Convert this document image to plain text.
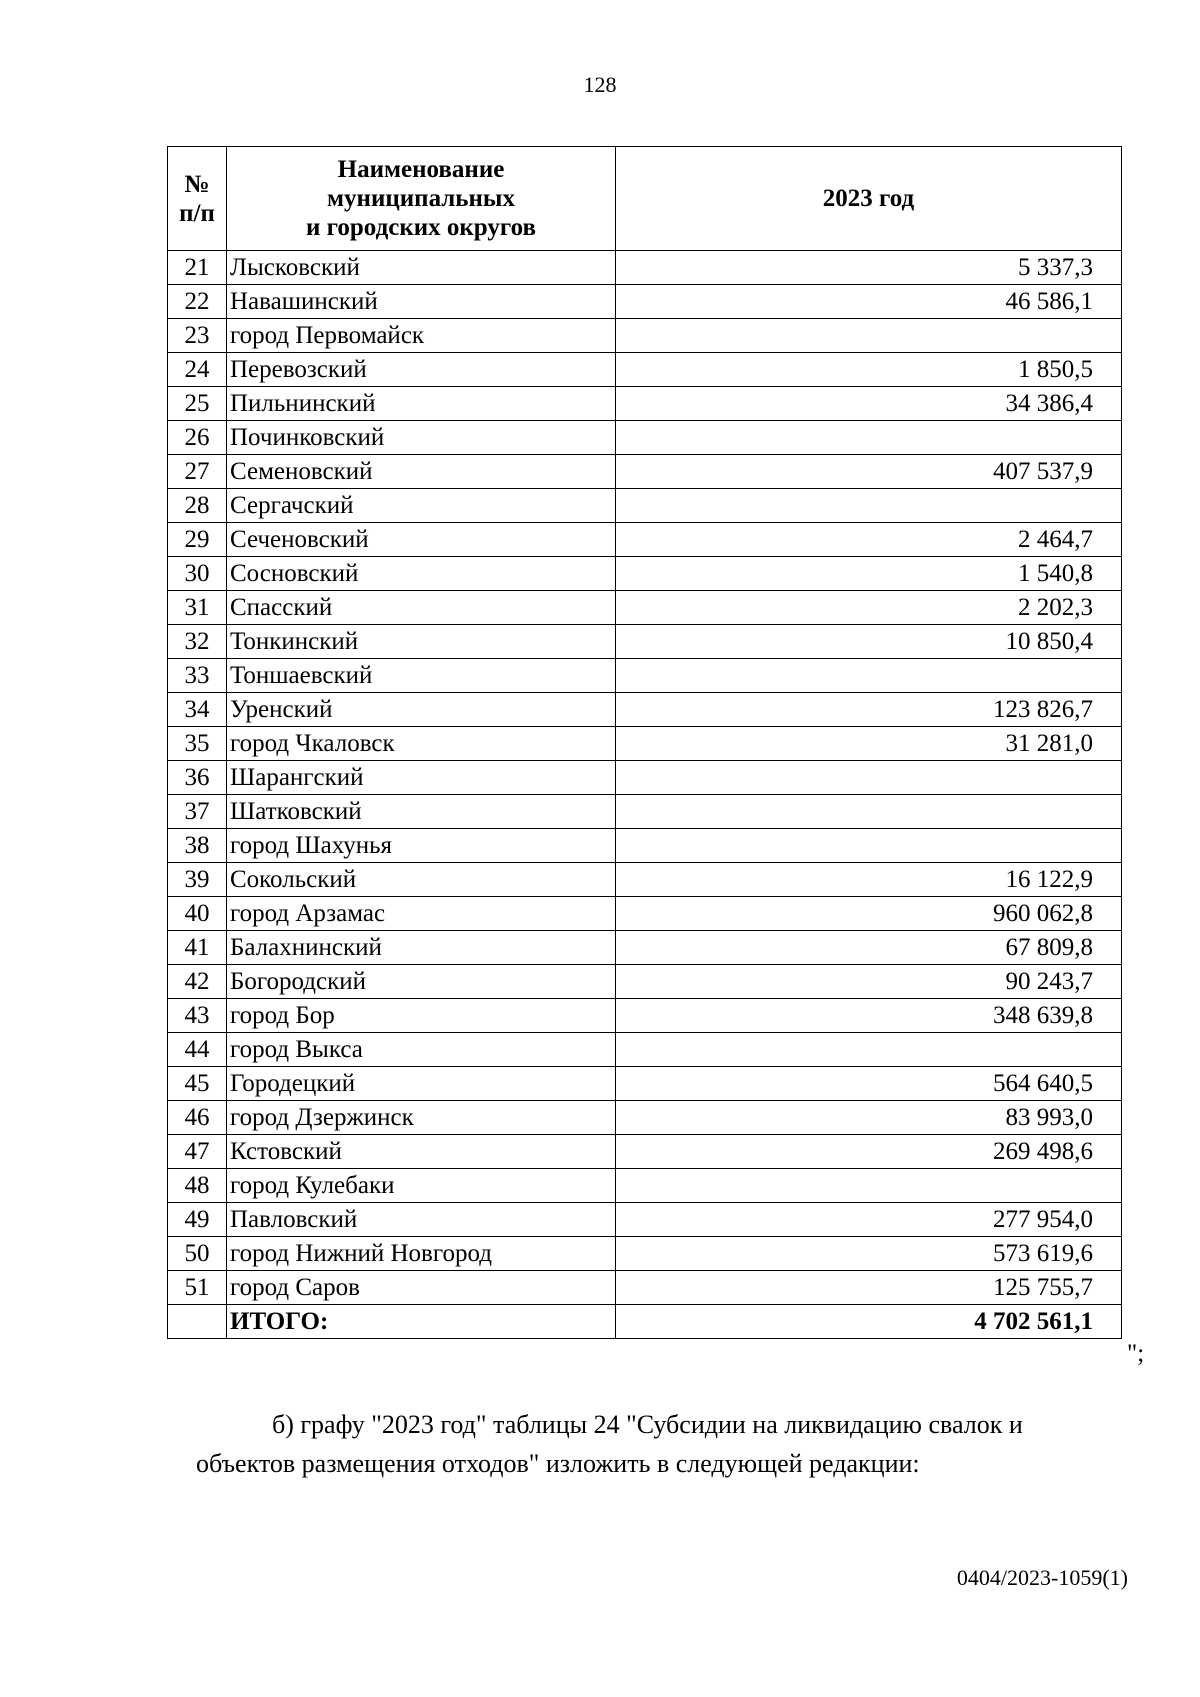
128
№
п/п	Наименование
муниципальных
и городских округов	2023 год
21	Лысковский	5 337,3
22	Навашинский	46 586,1
23	город Первомайск	
24	Перевозский	1 850,5
25	Пильнинский	34 386,4
26	Починковский	
27	Семеновский	407 537,9
28	Сергачский	
29	Сеченовский	2 464,7
30	Сосновский	1 540,8
31	Спасский	2 202,3
32	Тонкинский	10 850,4
33	Тоншаевский	
34	Уренский	123 826,7
35	город Чкаловск	31 281,0
36	Шарангский	
37	Шатковский	
38	город Шахунья	
39	Сокольский	16 122,9
40	город Арзамас	960 062,8
41	Балахнинский	67 809,8
42	Богородский	90 243,7
43	город Бор	348 639,8
44	город Выкса	
45	Городецкий	564 640,5
46	город Дзержинск	83 993,0
47	Кстовский	269 498,6
48	город Кулебаки	
49	Павловский	277 954,0
50	город Нижний Новгород	573 619,6
51	город Саров	125 755,7
	ИТОГО:	4 702 561,1
";
б) графу "2023 год" таблицы 24 "Субсидии на ликвидацию свалок и
объектов размещения отходов" изложить в следующей редакции:
0404/2023-1059(1)
